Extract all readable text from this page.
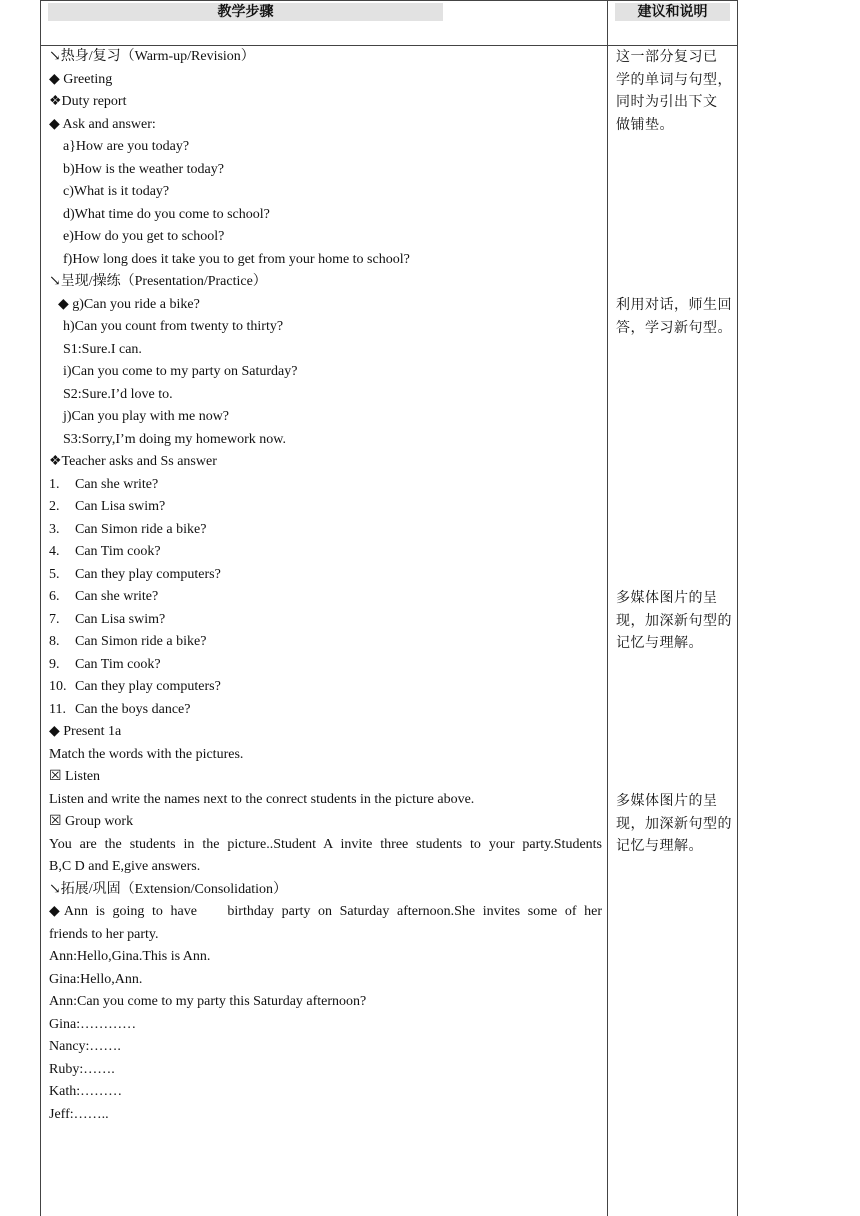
教学步骤	建议和说明
↘热身/复习（Warm-up/Revision）
◆ Greeting
❖Duty report
◆ Ask and answer:
a}How are you today?
b)How is the weather today?
c)What is it today?
d)What time do you come to school?
e)How do you get to school?
f)How long does it take you to get from your home to school?
↘呈现/操练（Presentation/Practice）
◆ g)Can you ride a bike?
h)Can you count from twenty to thirty?
S1:Sure.I can.
i)Can you come to my party on Saturday?
S2:Sure.I’d love to.
j)Can you play with me now?
S3:Sorry,I’m doing my homework now.
❖Teacher asks and Ss answer
1. Can she write?
2. Can Lisa swim?
3. Can Simon ride a bike?
4. Can Tim cook?
5. Can they play computers?
6. Can she write?
7. Can Lisa swim?
8. Can Simon ride a bike?
9. Can Tim cook?
10. Can they play computers?
11. Can the boys dance?
◆ Present 1a
Match the words with the pictures.
☒ Listen
Listen and write the names next to the conrect students in the picture above.
☒ Group work
You are the students in the picture..Student A invite three students to your party.Students
B,C D and E,give answers.
↘拓展/巩固（Extension/Consolidation）
◆Ann is going to have    birthday party on Saturday afternoon.She invites some of her
friends to her party.
Ann:Hello,Gina.This is Ann.
Gina:Hello,Ann.
Ann:Can you come to my party this Saturday afternoon?
Gina:…………
Nancy:…….
Ruby:…….
Kath:………
Jeff:……..
这一部分复习已
学的单词与句型，
同时为引出下文
做铺垫。
利用对话，师生回
答，学习新句型。
多媒体图片的呈
现，加深新句型的
记忆与理解。
多媒体图片的呈
现，加深新句型的
记忆与理解。
